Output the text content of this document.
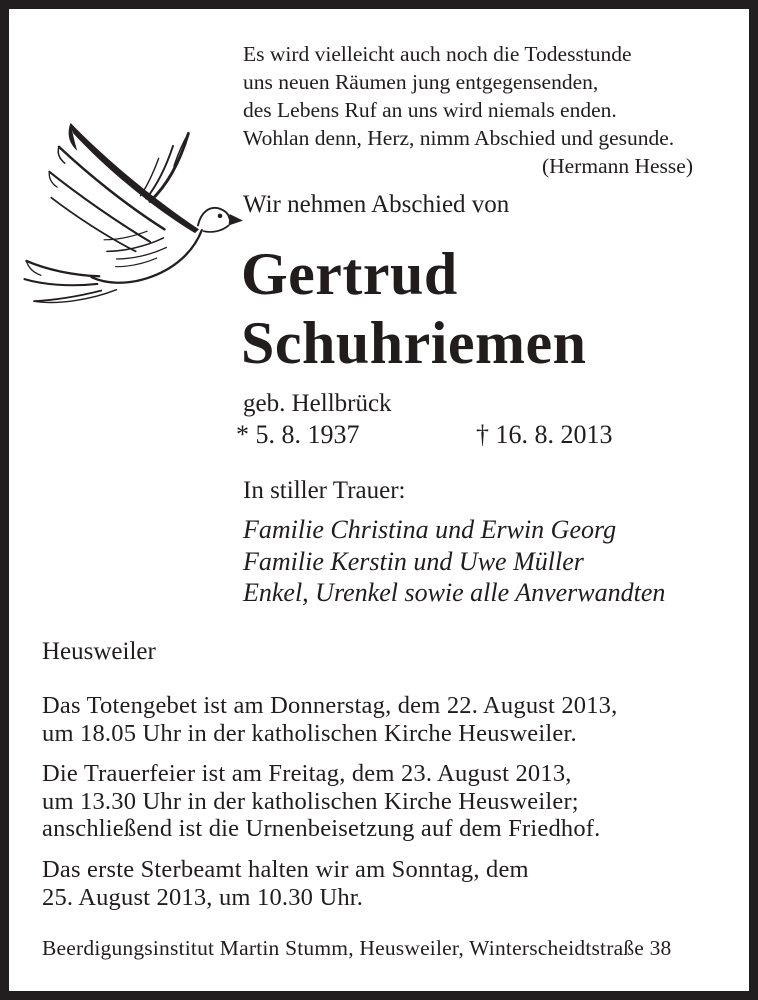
Es wird vielleicht auch noch die Todesstunde
uns neuen Räumen jung entgegensenden,
des Lebens Ruf an uns wird niemals enden.
Wohlan denn, Herz, nimm Abschied und gesunde.
(Hermann Hesse)
Wir nehmen Abschied von
Gertrud
Schuhriemen
geb. Hellbrück
* 5. 8. 1937	† 16. 8. 2013
In stiller Trauer:
Familie Christina und Erwin Georg
Familie Kerstin und Uwe Müller
Enkel, Urenkel sowie alle Anverwandten
Heusweiler
Das Totengebet ist am Donnerstag, dem 22. August 2013,
um 18.05 Uhr in der katholischen Kirche Heusweiler.
Die Trauerfeier ist am Freitag, dem 23. August 2013,
um 13.30 Uhr in der katholischen Kirche Heusweiler;
anschließend ist die Urnenbeisetzung auf dem Friedhof.
Das erste Sterbeamt halten wir am Sonntag, dem
25. August 2013, um 10.30 Uhr.
Beerdigungsinstitut Martin Stumm, Heusweiler, Winterscheidtstraße 38
